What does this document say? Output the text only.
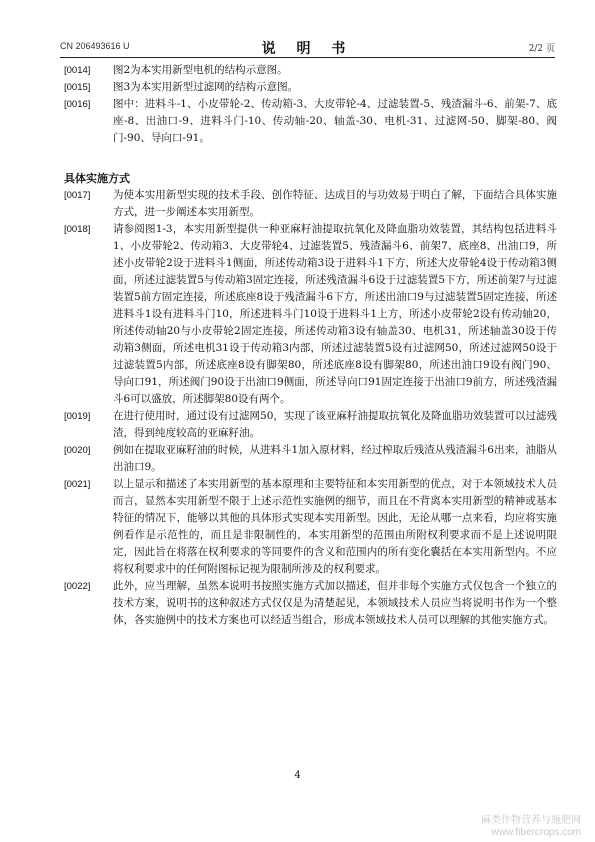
CN 206493616 U	说 明 书	2/2 页
[0014]	图2为本实用新型电机的结构示意图。
[0015]	图3为本实用新型过滤网的结构示意图。
[0016]	图中：进料斗-1、小皮带轮-2、传动箱-3、大皮带轮-4、过滤装置-5、残渣漏斗-6、前架-7、底座-8、出油口-9、进料斗门-10、传动轴-20、轴盖-30、电机-31、过滤网-50、脚架-80、阀门-90、导向口-91。
具体实施方式
[0017]	为使本实用新型实现的技术手段、创作特征、达成目的与功效易于明白了解，下面结合具体实施方式，进一步阐述本实用新型。
[0018]	请参阅图1-3，本实用新型提供一种亚麻籽油提取抗氧化及降血脂功效装置，其结构包括进料斗1、小皮带轮2、传动箱3、大皮带轮4、过滤装置5、残渣漏斗6、前架7、底座8、出油口9，所述小皮带轮2设于进料斗1侧面，所述传动箱3设于进料斗1下方，所述大皮带轮4设于传动箱3侧面，所述过滤装置5与传动箱3固定连接，所述残渣漏斗6设于过滤装置5下方，所述前架7与过滤装置5前方固定连接，所述底座8设于残渣漏斗6下方，所述出油口9与过滤装置5固定连接，所述进料斗1设有进料斗门10，所述进料斗门10设于进料斗1上方，所述小皮带轮2设有传动轴20，所述传动轴20与小皮带轮2固定连接，所述传动箱3设有轴盖30、电机31，所述轴盖30设于传动箱3侧面，所述电机31设于传动箱3内部，所述过滤装置5设有过滤网50，所述过滤网50设于过滤装置5内部，所述底座8设有脚架80，所述底座8设有脚架80，所述出油口9设有阀门90、导向口91，所述阀门90设于出油口9侧面，所述导向口91固定连接于出油口9前方，所述残渣漏斗6可以盛放，所述脚架80设有两个。
[0019]	在进行使用时，通过设有过滤网50，实现了该亚麻籽油提取抗氧化及降血脂功效装置可以过滤残渣，得到纯度较高的亚麻籽油。
[0020]	例如在提取亚麻籽油的时候，从进料斗1加入原材料，经过榨取后残渣从残渣漏斗6出来，油脂从出油口9。
[0021]	以上显示和描述了本实用新型的基本原理和主要特征和本实用新型的优点，对于本领域技术人员而言，显然本实用新型不限于上述示范性实施例的细节，而且在不背离本实用新型的精神或基本特征的情况下，能够以其他的具体形式实现本实用新型。因此，无论从哪一点来看，均应将实施例看作是示范性的，而且是非限制性的，本实用新型的范围由所附权利要求而不是上述说明限定，因此旨在将落在权利要求的等同要件的含义和范围内的所有变化囊括在本实用新型内。不应将权利要求中的任何附图标记视为限制所涉及的权利要求。
[0022]	此外，应当理解，虽然本说明书按照实施方式加以描述，但并非每个实施方式仅包含一个独立的技术方案，说明书的这种叙述方式仅仅是为清楚起见，本领域技术人员应当将说明书作为一个整体，各实施例中的技术方案也可以经适当组合，形成本领域技术人员可以理解的其他实施方式。
4
麻类作物营养与施肥网
www.fibercrops.com
